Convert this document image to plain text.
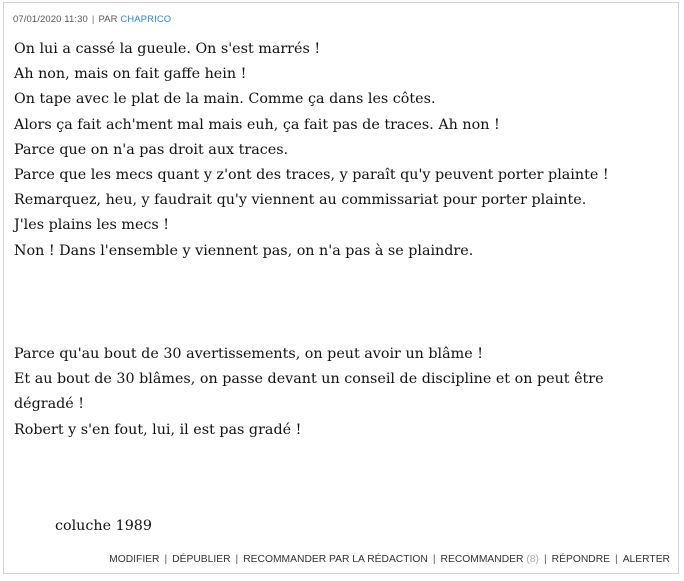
07/01/2020 11:30 | PAR CHAPRICO
On lui a cassé la gueule. On s'est marrés !
Ah non, mais on fait gaffe hein !
On tape avec le plat de la main. Comme ça dans les côtes.
Alors ça fait ach'ment mal mais euh, ça fait pas de traces. Ah non !
Parce que on n'a pas droit aux traces.
Parce que les mecs quant y z'ont des traces, y paraît qu'y peuvent porter plainte !
Remarquez, heu, y faudrait qu'y viennent au commissariat pour porter plainte.
J'les plains les mecs !
Non ! Dans l'ensemble y viennent pas, on n'a pas à se plaindre.
Parce qu'au bout de 30 avertissements, on peut avoir un blâme !
Et au bout de 30 blâmes, on passe devant un conseil de discipline et on peut être dégradé !
Robert y s'en fout, lui, il est pas gradé !
coluche 1989
MODIFIER | DÉPUBLIER | RECOMMANDER PAR LA RÉDACTION | RECOMMANDER (8) | RÉPONDRE | ALERTER
